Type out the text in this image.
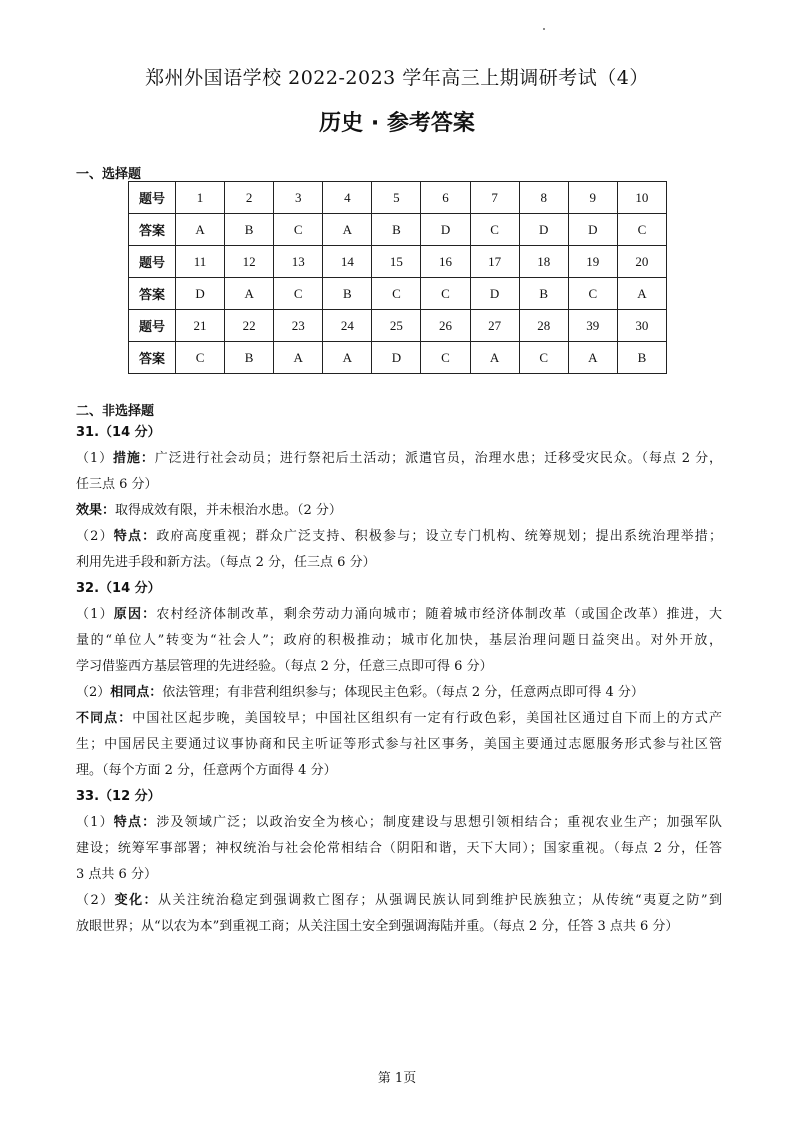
郑州外国语学校 2022-2023 学年高三上期调研考试（4）
历史 · 参考答案
一、选择题
题号	1	2	3	4	5	6	7	8	9	10
答案	A	B	C	A	B	D	C	D	D	C
题号	11	12	13	14	15	16	17	18	19	20
答案	D	A	C	B	C	C	D	B	C	A
题号	21	22	23	24	25	26	27	28	39	30
答案	C	B	A	A	D	C	A	C	A	B
二、非选择题

31.（14 分）

（1）措施：广泛进行社会动员；进行祭祀后土活动；派遣官员，治理水患；迁移受灾民众。（每点 2 分，

任三点 6 分）

效果：取得成效有限，并未根治水患。（2 分）

（2）特点：政府高度重视；群众广泛支持、积极参与；设立专门机构、统筹规划；提出系统治理举措；

利用先进手段和新方法。（每点 2 分，任三点 6 分）

32.（14 分）

（1）原因：农村经济体制改革，剩余劳动力涌向城市；随着城市经济体制改革（或国企改革）推进，大

量的“单位人”转变为“社会人”；政府的积极推动；城市化加快，基层治理问题日益突出。对外开放，

学习借鉴西方基层管理的先进经验。（每点 2 分，任意三点即可得 6 分）

（2）相同点：依法管理；有非营利组织参与；体现民主色彩。（每点 2 分，任意两点即可得 4 分）

不同点：中国社区起步晚，美国较早；中国社区组织有一定有行政色彩，美国社区通过自下而上的方式产

生；中国居民主要通过议事协商和民主听证等形式参与社区事务，美国主要通过志愿服务形式参与社区管

理。（每个方面 2 分，任意两个方面得 4 分）

33.（12 分）

（1）特点：涉及领域广泛；以政治安全为核心；制度建设与思想引领相结合；重视农业生产；加强军队

建设；统筹军事部署；神权统治与社会伦常相结合（阴阳和谐，天下大同）；国家重视。（每点 2 分，任答

3 点共 6 分）

（2）变化：从关注统治稳定到强调救亡图存；从强调民族认同到维护民族独立；从传统“夷夏之防”到

放眼世界；从“以农为本”到重视工商；从关注国土安全到强调海陆并重。（每点 2 分，任答 3 点共 6 分）

第 1页
